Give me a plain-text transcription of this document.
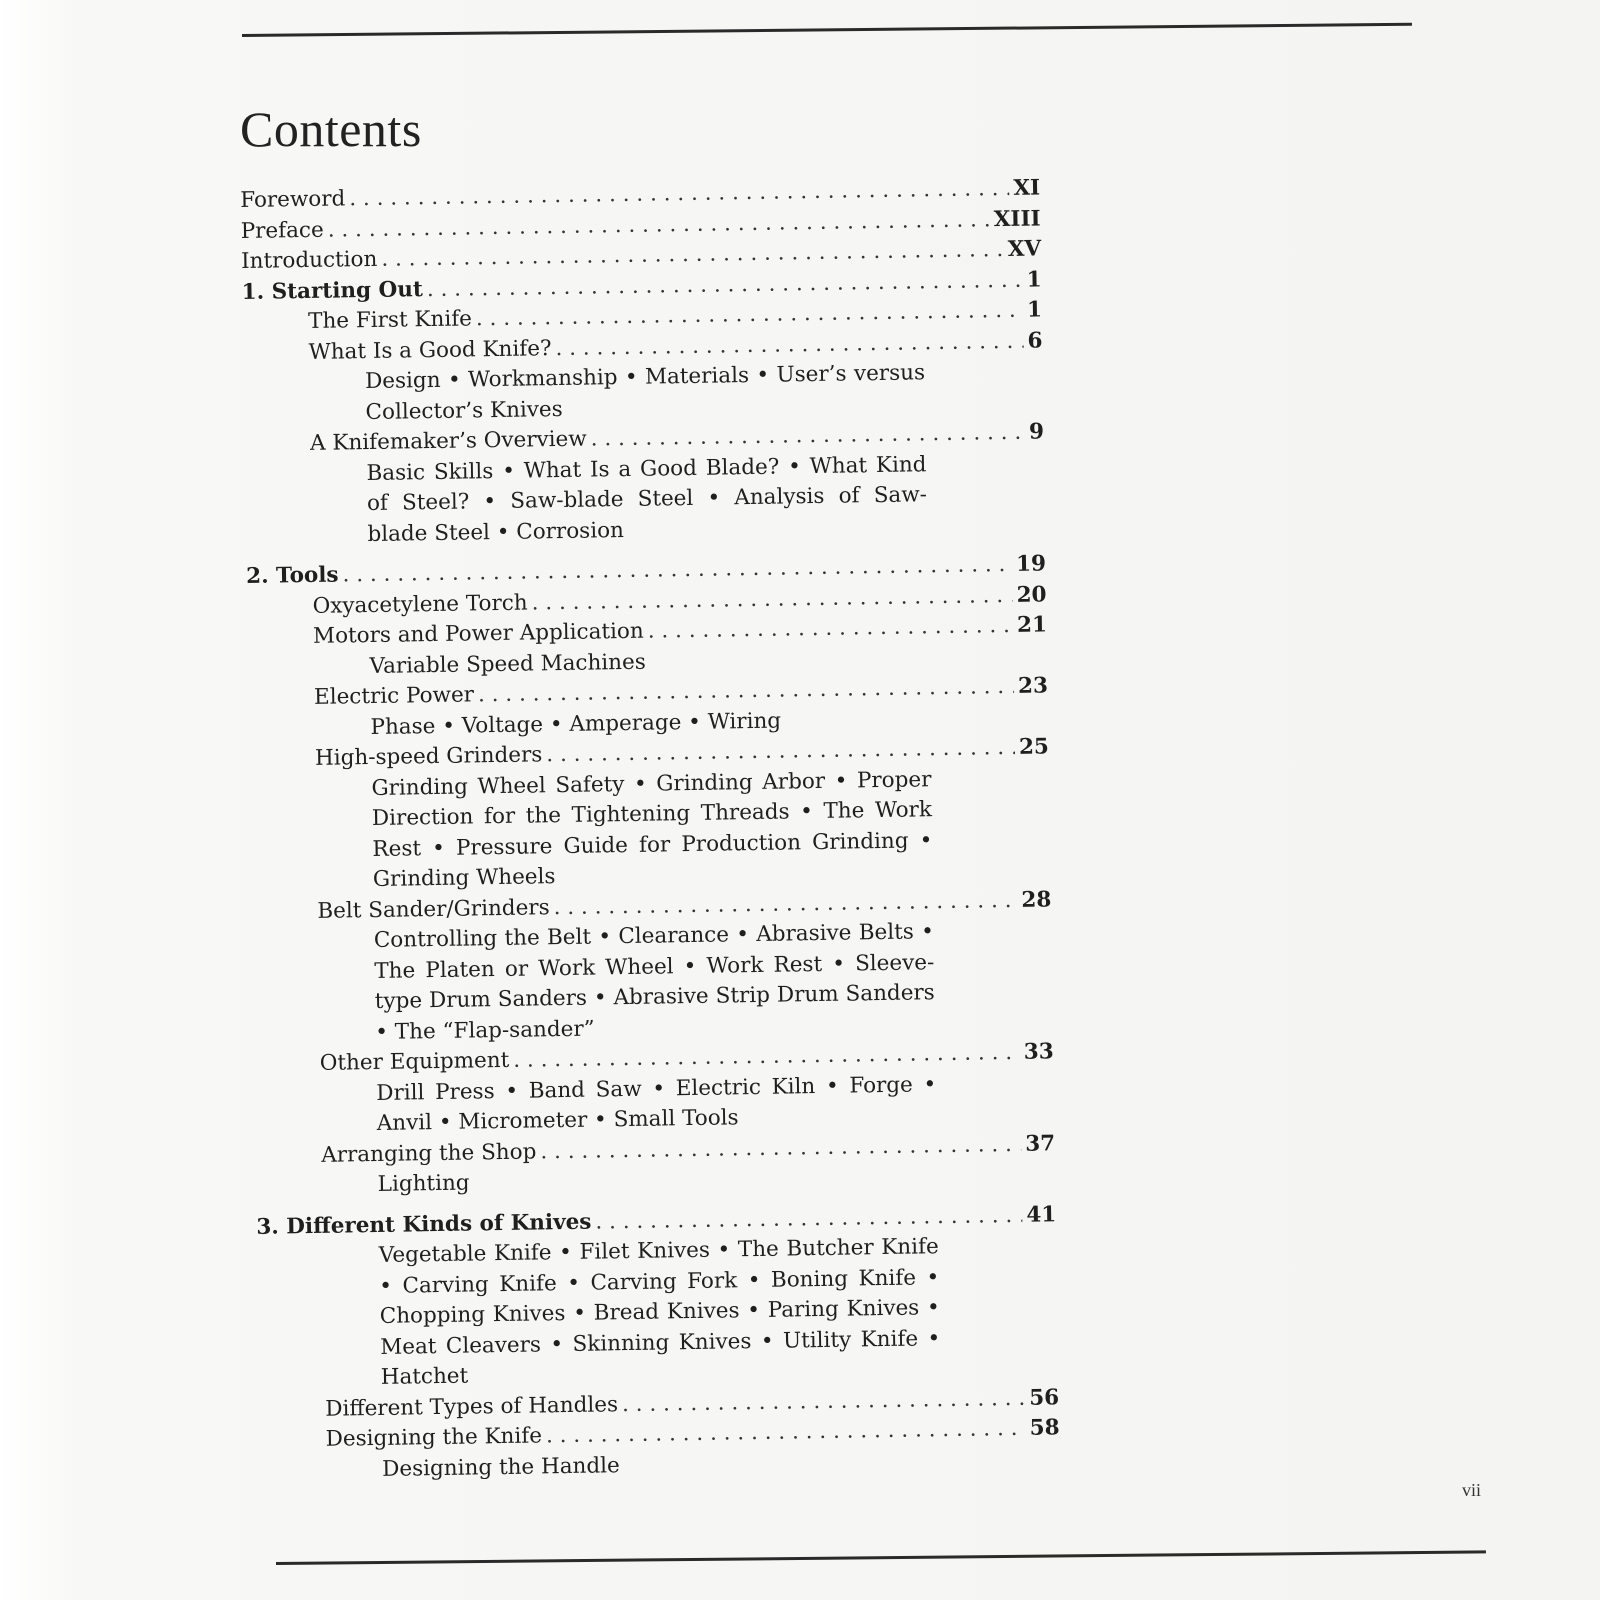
Contents
Foreword . . .	XI
Preface . . .	XIII
Introduction . . .	XV
1. Starting Out . . .	1
The First Knife . . .	1
What Is a Good Knife? . . .	6
Design • Workmanship • Materials • User’s versus Collector’s Knives
A Knifemaker’s Overview . . .	9
Basic Skills • What Is a Good Blade? • What Kind of Steel? • Saw-blade Steel • Analysis of Saw-blade Steel • Corrosion
2. Tools . . .	19
Oxyacetylene Torch . . .	20
Motors and Power Application . . .	21
Variable Speed Machines
Electric Power . . .	23
Phase • Voltage • Amperage • Wiring
High-speed Grinders . . .	25
Grinding Wheel Safety • Grinding Arbor • Proper Direction for the Tightening Threads • The Work Rest • Pressure Guide for Production Grinding • Grinding Wheels
Belt Sander/Grinders . . .	28
Controlling the Belt • Clearance • Abrasive Belts • The Platen or Work Wheel • Work Rest • Sleeve-type Drum Sanders • Abrasive Strip Drum Sanders • The “Flap-sander”
Other Equipment . . .	33
Drill Press • Band Saw • Electric Kiln • Forge • Anvil • Micrometer • Small Tools
Arranging the Shop . . .	37
Lighting
3. Different Kinds of Knives . . .	41
Vegetable Knife • Filet Knives • The Butcher Knife • Carving Knife • Carving Fork • Boning Knife • Chopping Knives • Bread Knives • Paring Knives • Meat Cleavers • Skinning Knives • Utility Knife • Hatchet
Different Types of Handles . . .	56
Designing the Knife . . .	58
Designing the Handle
vii
